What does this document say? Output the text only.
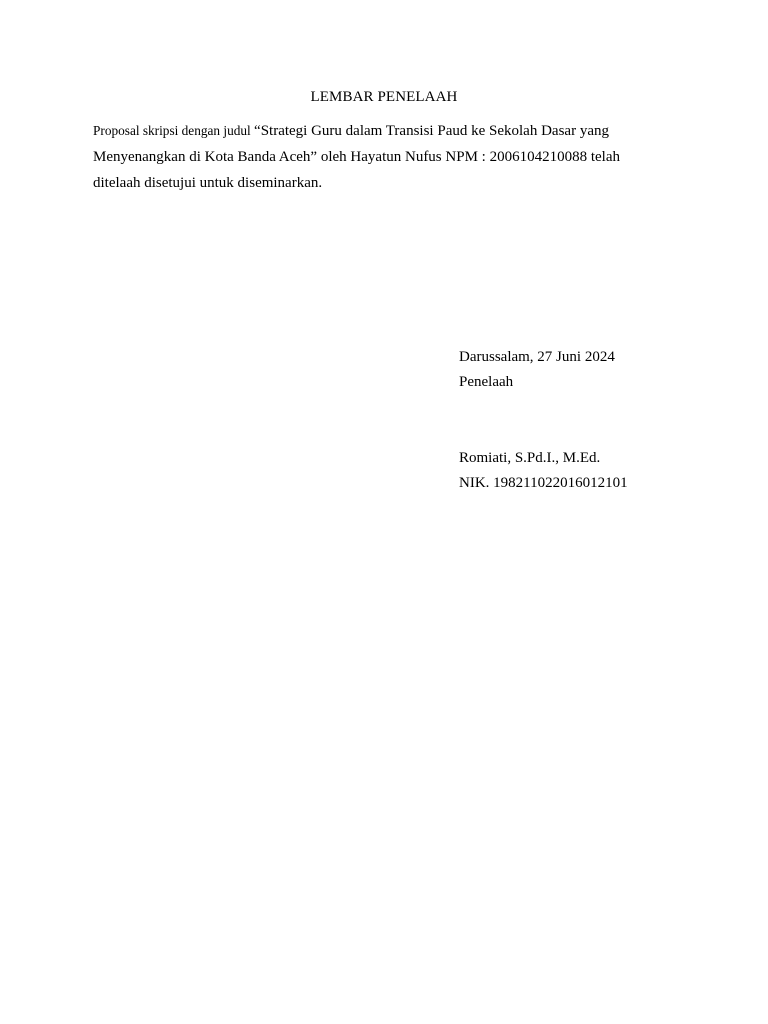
LEMBAR PENELAAH

Proposal skripsi dengan judul “Strategi Guru dalam Transisi Paud ke Sekolah Dasar yang
Menyenangkan di Kota Banda Aceh” oleh Hayatun Nufus NPM : 2006104210088 telah
ditelaah disetujui untuk diseminarkan.

Darussalam, 27 Juni 2024
Penelaah
Romiati, S.Pd.I., M.Ed.
NIK. 198211022016012101
